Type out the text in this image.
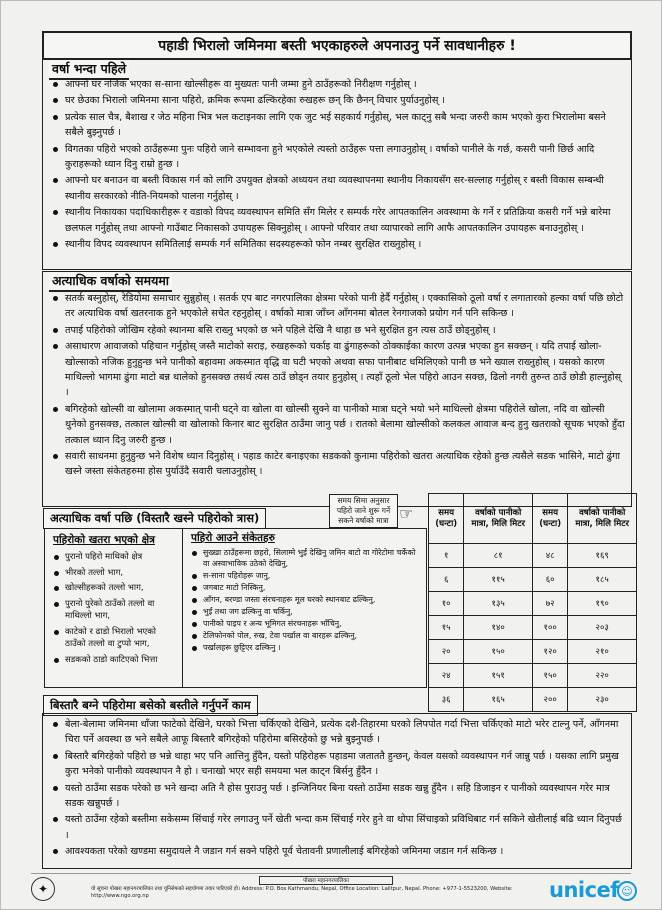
पहाडी भिरालो जमिनमा बस्ती भएकाहरुले अपनाउनु पर्ने सावधानीहरु !
वर्षा भन्दा पहिले
आफ्नो घर नजिक भएका स-साना खोल्सीहरू वा मुख्यतः पानी जम्मा हुने ठाउँहरूको निरीक्षण गर्नुहोस् ।
घर छेउका भिरालो जमिनमा साना पहिरो, क्रमिक रूपमा ढल्किरहेका रुखहरू छन् कि छैनन् विचार पुर्याउनुहोस् ।
प्रत्येक साल चैत्र, बैशाख र जेठ महिना भित्र भल कटाइनका लागि एक जुट भई सहकार्य गर्नुहोस्, भल काट्नु सबै भन्दा जरुरी काम भएको कुरा भिरालोमा बसने सबैले बुझ्नुपर्छ ।
विगतका पहिरो भएको ठाउँहरूमा पुनः पहिरो जाने सम्भावना हुने भएकोले त्यस्तो ठाउँहरू पत्ता लगाउनुहोस् । वर्षाको पानीले के गर्छ, कसरी पानी छिर्छ आदि कुराहरूको ध्यान दिनु राम्रो हुन्छ ।
आफ्नो घर बनाउन वा बस्ती विकास गर्न को लागि उपयुक्त क्षेत्रको अध्ययन तथा व्यवस्थापनमा स्थानीय निकायसँग सर-सल्लाह गर्नुहोस् र बस्ती विकास सम्बन्धी स्थानीय सरकारको नीति-नियमको पालना गर्नुहोस् ।
स्थानीय निकायका पदाधिकारीहरू र वडाको विपद व्यवस्थापन समिति सँग मिलेर र सम्पर्क गरेर आपतकालिन अवस्थामा के गर्ने र प्रतिक्रिया कसरी गर्ने भन्ने बारेमा छलफल गर्नुहोस् तथा आफ्नो गाउँबाट निकासको उपायहरू सिक्नुहोस् । आफ्नो परिवार तथा व्यापारको लागि आफै आपतकालिन उपायहरू बनाउनुहोस् ।
स्थानीय विपद व्यवस्थापन समितिलाई सम्पर्क गर्न समितिका सदस्यहरूको फोन नम्बर सुरक्षित राख्नुहोस् ।
अत्याधिक वर्षाको समयमा
सतर्क बस्नुहोस्, रेडियोमा समाचार सुन्नुहोस् । सतर्क एप बाट नगरपालिका क्षेत्रमा परेको पानी हेर्दै गर्नुहोस् । एक्कासिको ठूलो वर्षा र लगातारको हल्का वर्षा पछि छोटो तर अत्याधिक वर्षा खतरनाक हुने भएकोले सचेत रहनुहोस् । वर्षाको मात्रा जाँच्न आँगनमा बोतल रेनगाजको प्रयोग गर्न पनि सकिन्छ ।
तपाई पहिरोको जोखिम रहेको स्थानमा बसि राख्नु भएको छ भने पहिले देखि नै थाहा छ भने सुरक्षित हुन त्यस ठाउँ छोड्नुहोस् ।
असाधारण आवाजको पहिचान गर्नुहोस् जस्तै माटोको सराइ, रुखहरूको चर्काइ वा ढुंगाहरूको ठोक्काईका कारण उत्पन्न भएका हुन सक्छन् । यदि तपाई खोला-खोल्साको नजिक हुनुहुन्छ भने पानीको बहावमा अकस्मात वृद्धि वा घटी भएको अथवा सफा पानीबाट धमिलिएको पानी छ भने ख्याल राख्नुहोस् । यसको कारण माथिल्लो भागमा ढुंगा माटो बन्न थालेको हुनसक्छ तसर्थ त्यस ठाउँ छोड्न तयार हुनुहोस् । त्यहाँ ठूलो भेल पहिरो आउन सक्छ, ढिलो नगरी तुरुन्त ठाउँ छोडी हाल्नुहोस् ।
बगिरहेको खोल्सी वा खोलामा अकस्मात् पानी घट्ने वा खोला वा खोल्सी सुक्ने वा पानीको मात्रा घट्ने भयो भने माथिल्लो क्षेत्रमा पहिरोले खोला, नदि वा खोल्सी थुनेको हुनसक्छ, तत्काल खोल्सी वा खोलाको किनार बाट सुरक्षित ठाउँमा जानु पर्छ । रातको बेलामा खोल्सीको कलकल आवाज बन्द हुनु खतराको सूचक भएको हुँदा तत्काल ध्यान दिनु जरुरी हुन्छ ।
सवारी साधनमा हुनुहुन्छ भने विशेष ध्यान दिनुहोस् । पहाड काटेर बनाइएका सडकको कुनामा पहिरोको खतरा अत्याधिक रहेको हुन्छ त्यसैले सडक भासिने, माटो ढुंगा खस्ने जस्ता संकेतहरुमा होस पुर्याउँदै सवारी चलाउनुहोस् ।
अत्याधिक वर्षा पछि (विस्तारै खस्ने पहिरोको त्रास)
पहिरोको खतरा भएको क्षेत्र
पुरानो पहिरो माथिको क्षेत्र
भीरको तल्लो भाग,
खोल्सीहरूको तल्लो भाग,
पुरानो पुरेको ठाउँको तल्लो वा माथिल्लो भाग,
काटेको र ढाडो भिरालो भएको ठाउँको तल्लो वा टुप्पो भाग,
सडकको ठाडो काटिएको भित्ता
पहिरो आउने संकेतहरु
सुख्खा ठाउँहरूमा छहरो, सिलाम्मे भुईं देखिनु जमिन बाटो वा गोरेटोमा चर्केको वा अस्वाभाविक उठेको देखिनु,
स-साना पहिरोहरू जानु,
जगबाट माटो निस्किनु,
आँगन, बरण्डा जस्ता संरचनाहरू मूल घरको स्थानबाट ढल्किनु,
भुईं तथा जग ढल्किनु वा चर्किनु,
पानीको पाइप र अन्य भूमिगत संरचनाहरू भाँचिनु,
टेलिफोनको पोल, रुख, टेवा पर्खाल वा बारहरू ढल्किनु,
पर्खालहरू छुट्टिएर ढल्किनु ।
समय सिमा अनुसार पहिरो जाने शुरू गर्ने सकने वर्षाको मात्रा ☞	समय (घन्टा)	वर्षाको पानीको मात्रा, मिलि मिटर	समय (घन्टा)	वर्षाको पानीको मात्रा, मिलि मिटर
१	८१	४८	१६९
६	११५	६०	१८५
१०	१३५	७२	१९०
१५	१४०	१००	२०३
२०	१५०	१२०	२१०
२४	१५१	१५०	२२०
३६	१६५	२००	२३०
बिस्तारै बग्ने पहिरोमा बसेको बस्तीले गर्नुपर्ने काम
बेला-बेलामा जमिनमा धाँजा फाटेको देखिने, घरको भित्ता चर्किएको देखिने, प्रत्येक दशै-तिहारमा घरको लिपपोत गर्दा भित्ता चर्किएको माटो भरेर टाल्नु पर्ने, आँगनमा चिरा पर्ने अवस्था छ भने सबैले आफू बिस्तारै बगिरहेको पहिरोमा बसिरहेको छु भन्ने बुझ्नुपर्छ ।
बिस्तारै बगिरहेको पहिरो छ भन्ने थाहा भए पनि आत्तिनु हुँदैन, यस्तो पहिरोहरू पहाडमा जताततै हुन्छन्, केवल यसको व्यवस्थापन गर्न जान्नु पर्छ । यसका लागि प्रमुख कुरा भनेको पानीको व्यवस्थापन नै हो । चनाखो भएर सही समयमा भल काट्न बिर्सनु हुँदैन ।
यस्तो ठाउँमा सडक परेको छ भने खन्दा अति नै होस पुराउनु पर्छ । इन्जिनियर बिना यस्तो ठाउँमा सडक खन्नु हुँदैन । सहि डिजाइन र पानीको व्यवस्थापन गरेर मात्र सडक खन्नुपर्छ ।
यस्तो ठाउँमा रहेको बस्तीमा सकेसम्म सिंचाई गरेर लगाउनु पर्ने खेती भन्दा कम सिंचाई गरेर हुने वा थोपा सिंचाइको प्रविधिबाट गर्न सकिने खेतीलाई बढि ध्यान दिनुपर्छ ।
आवश्यकता परेको खण्डमा समुदायले नै जडान गर्न सक्ने पहिरो पूर्व चेतावनी प्रणालीलाई बगिरहेको जमिनमा जडान गर्न सकिन्छ ।
✦
पोखरा महानगरपालिका
यो सूचना पोखरा महानगरपालिका तथा यूनिसेफको सहयोगमा तयार पारिएको हो। Address: P.O. Box Kathmandu, Nepal, Office Location: Lalitpur, Nepal. Phone: +977-1-5523200, Website: http://www.ngo.org.np	unicef ☺
